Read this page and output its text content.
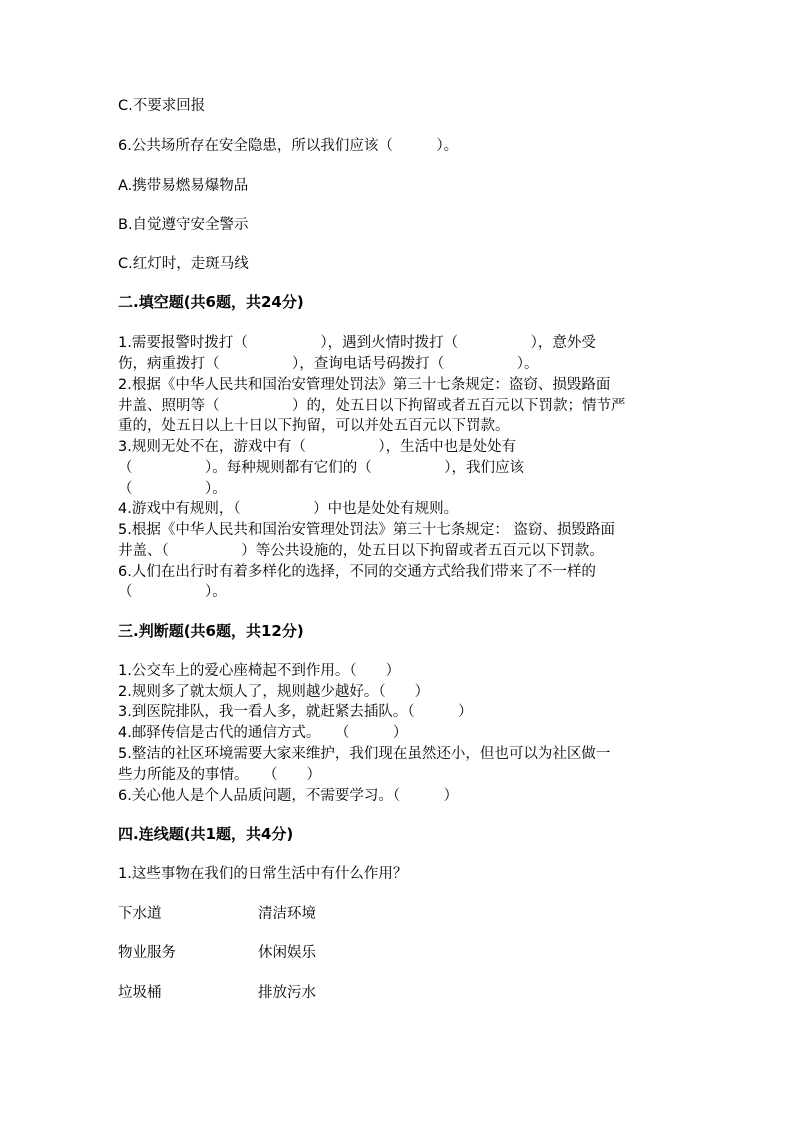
C.不要求回报
6.公共场所存在安全隐患，所以我们应该（　　　）。
A.携带易燃易爆物品
B.自觉遵守安全警示
C.红灯时，走斑马线
二.填空题(共6题，共24分)
1.需要报警时拨打（　　　　　），遇到火情时拨打（　　　　　），意外受
伤，病重拨打（　　　　　），查询电话号码拨打（　　　　　）。
2.根据《中华人民共和国治安管理处罚法》第三十七条规定：盗窃、损毁路面
井盖、照明等（　　　　　）的，处五日以下拘留或者五百元以下罚款；情节严
重的，处五日以上十日以下拘留，可以并处五百元以下罚款。
3.规则无处不在，游戏中有（　　　　　），生活中也是处处有
（　　　　　）。每种规则都有它们的（　　　　　），我们应该
（　　　　　）。
4.游戏中有规则，（　　　　　）中也是处处有规则。
5.根据《中华人民共和国治安管理处罚法》第三十七条规定： 盗窃、损毁路面
井盖、（　　　　　）等公共设施的，处五日以下拘留或者五百元以下罚款。
6.人们在出行时有着多样化的选择，不同的交通方式给我们带来了不一样的
（　　　　　）。
三.判断题(共6题，共12分)
1.公交车上的爱心座椅起不到作用。（　　）
2.规则多了就太烦人了，规则越少越好。（　　）
3.到医院排队，我一看人多，就赶紧去插队。（　　　）
4.邮驿传信是古代的通信方式。　　（　　　）
5.整洁的社区环境需要大家来维护，我们现在虽然还小，但也可以为社区做一
些力所能及的事情。　　（　　）
6.关心他人是个人品质问题，不需要学习。（　　　）
四.连线题(共1题，共4分)
1.这些事物在我们的日常生活中有什么作用？
下水道	清洁环境
物业服务	休闲娱乐
垃圾桶	排放污水
